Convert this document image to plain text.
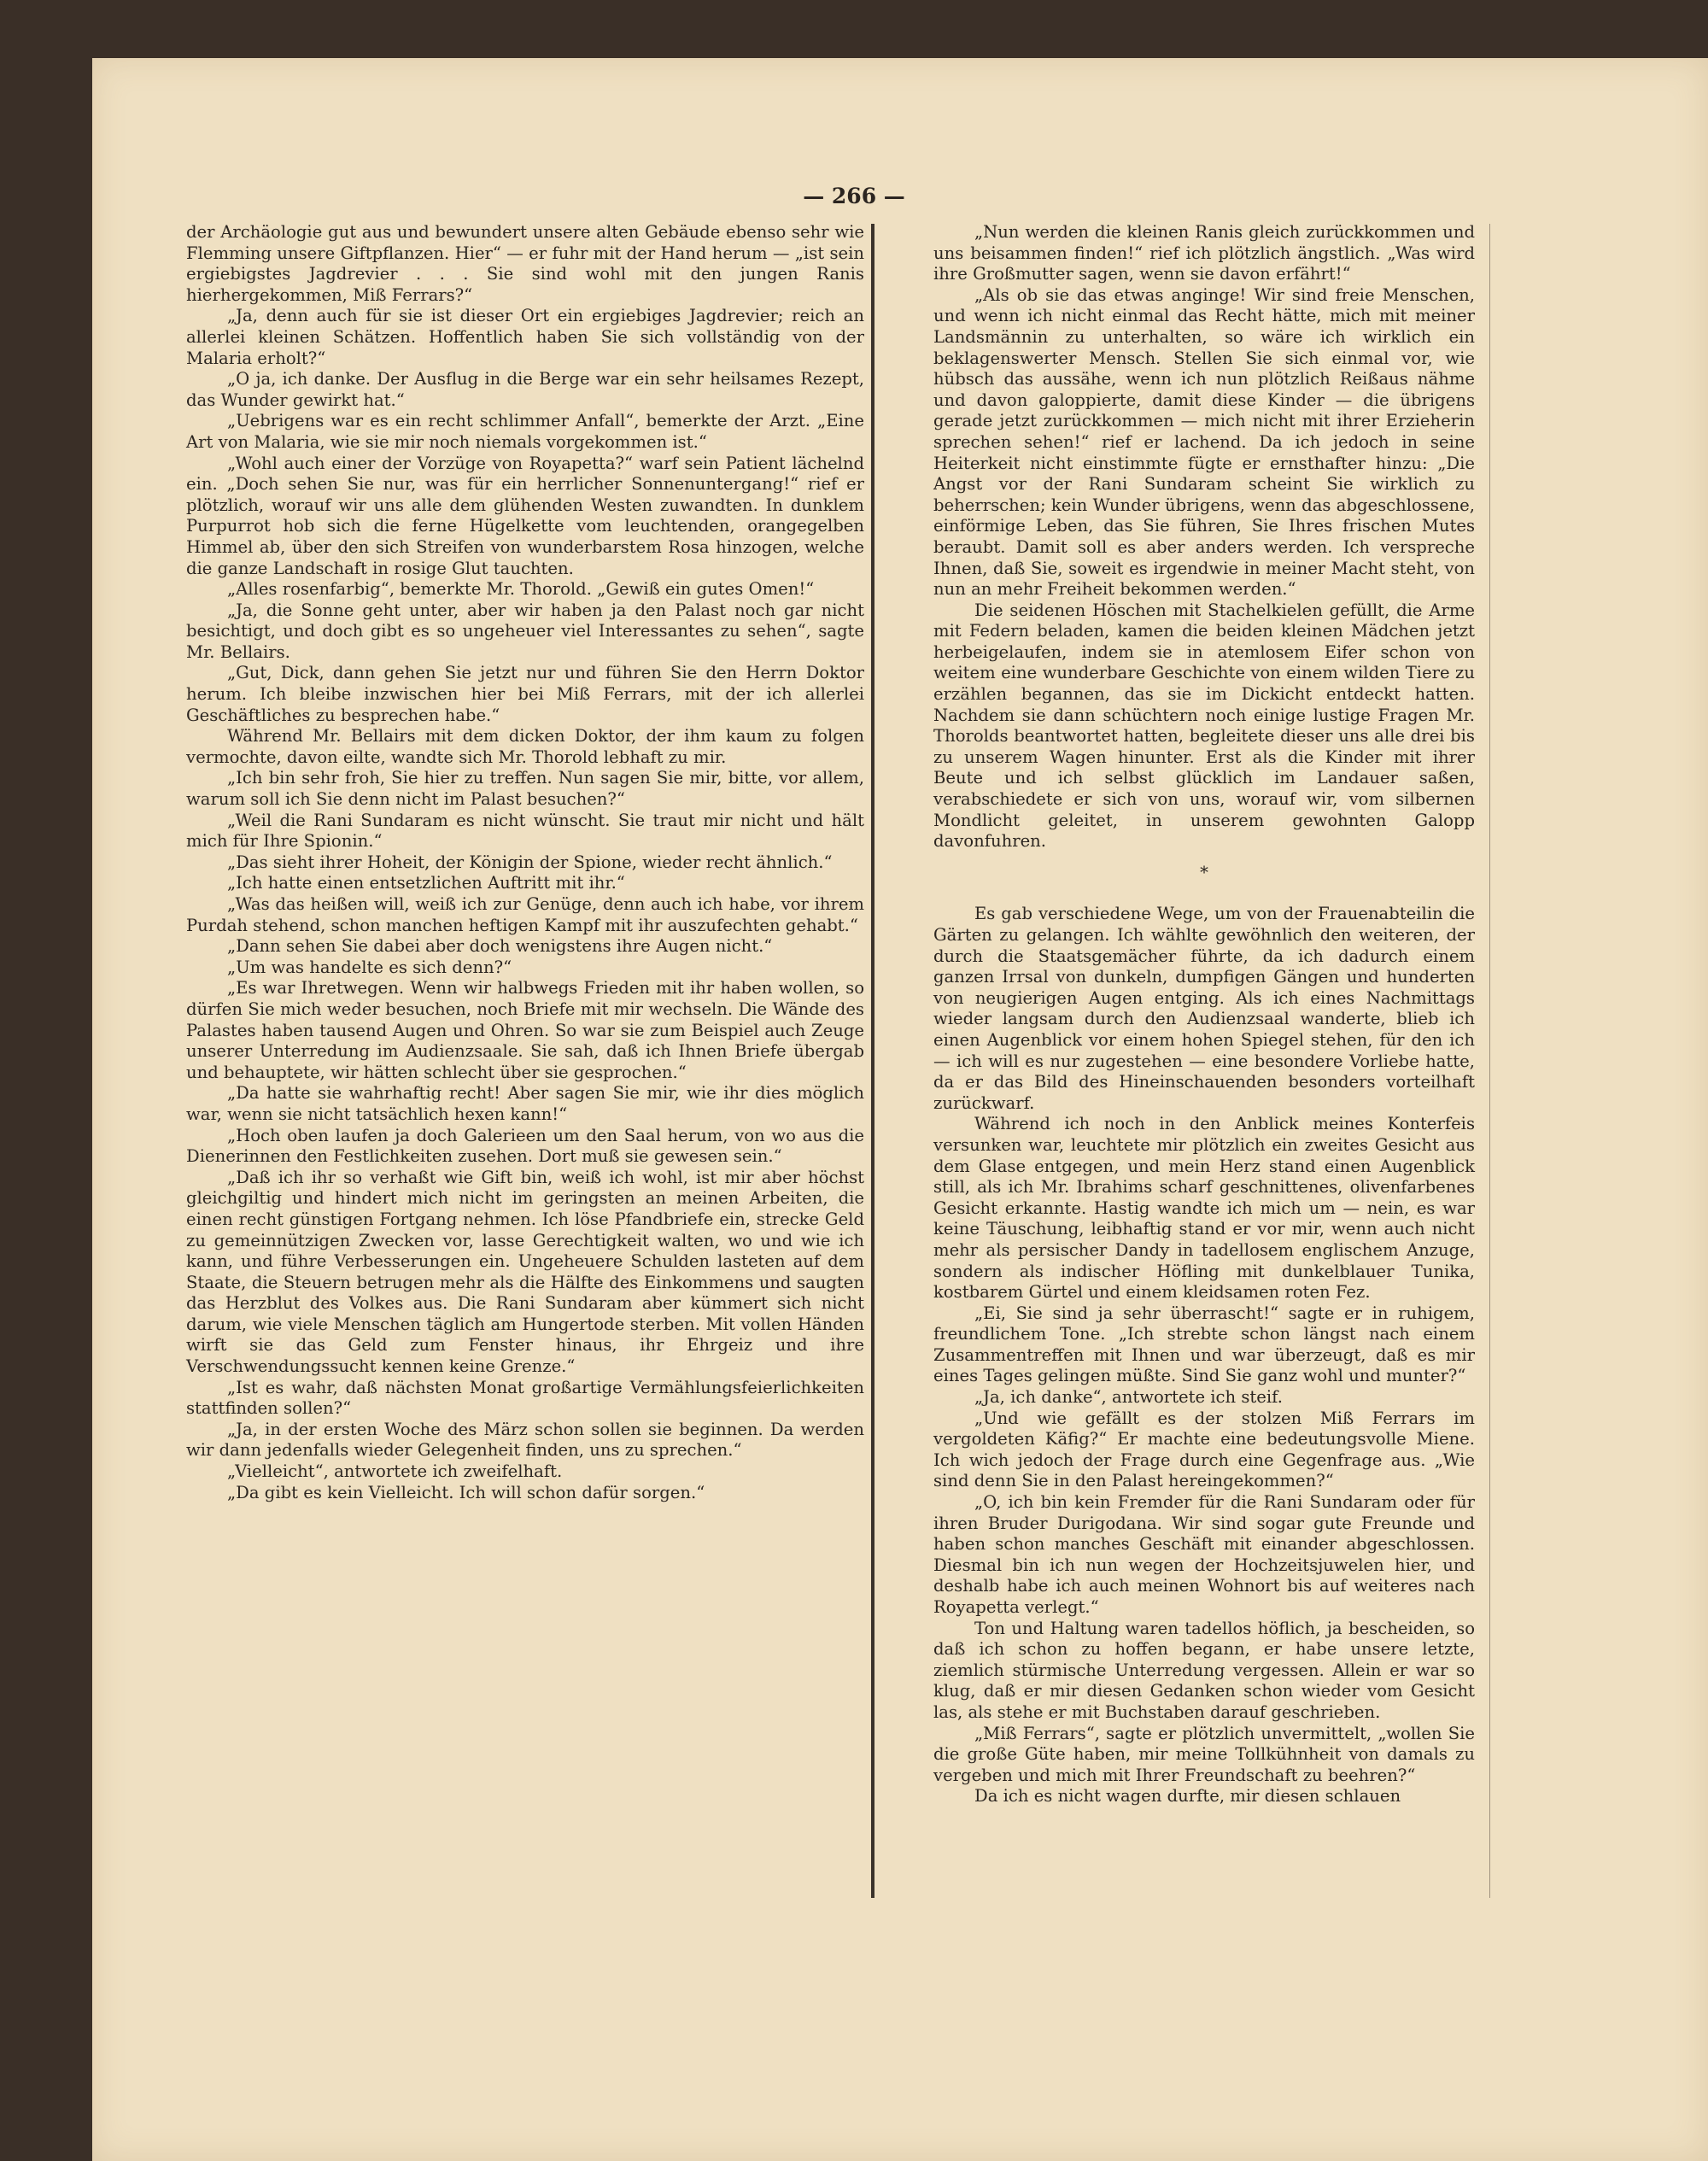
— 266 —

der Archäologie gut aus und bewundert unsere alten Gebäude ebenso sehr wie Flemming unsere Giftpflanzen. Hier“ — er fuhr mit der Hand herum — „ist sein ergiebigstes Jagdrevier . . . Sie sind wohl mit den jungen Ranis hierhergekommen, Miß Ferrars?“

„Ja, denn auch für sie ist dieser Ort ein ergiebiges Jagdrevier; reich an allerlei kleinen Schätzen. Hoffentlich haben Sie sich vollständig von der Malaria erholt?“

„O ja, ich danke. Der Ausflug in die Berge war ein sehr heilsames Rezept, das Wunder gewirkt hat.“

„Uebrigens war es ein recht schlimmer Anfall“, bemerkte der Arzt. „Eine Art von Malaria, wie sie mir noch niemals vorgekommen ist.“

„Wohl auch einer der Vorzüge von Royapetta?“ warf sein Patient lächelnd ein. „Doch sehen Sie nur, was für ein herrlicher Sonnenuntergang!“ rief er plötzlich, worauf wir uns alle dem glühenden Westen zuwandten. In dunklem Purpurrot hob sich die ferne Hügelkette vom leuchtenden, orangegelben Himmel ab, über den sich Streifen von wunderbarstem Rosa hinzogen, welche die ganze Landschaft in rosige Glut tauchten.

„Alles rosenfarbig“, bemerkte Mr. Thorold. „Gewiß ein gutes Omen!“

„Ja, die Sonne geht unter, aber wir haben ja den Palast noch gar nicht besichtigt, und doch gibt es so ungeheuer viel Interessantes zu sehen“, sagte Mr. Bellairs.

„Gut, Dick, dann gehen Sie jetzt nur und führen Sie den Herrn Doktor herum. Ich bleibe inzwischen hier bei Miß Ferrars, mit der ich allerlei Geschäftliches zu besprechen habe.“

Während Mr. Bellairs mit dem dicken Doktor, der ihm kaum zu folgen vermochte, davon eilte, wandte sich Mr. Thorold lebhaft zu mir.

„Ich bin sehr froh, Sie hier zu treffen. Nun sagen Sie mir, bitte, vor allem, warum soll ich Sie denn nicht im Palast besuchen?“

„Weil die Rani Sundaram es nicht wünscht. Sie traut mir nicht und hält mich für Ihre Spionin.“

„Das sieht ihrer Hoheit, der Königin der Spione, wieder recht ähnlich.“

„Ich hatte einen entsetzlichen Auftritt mit ihr.“

„Was das heißen will, weiß ich zur Genüge, denn auch ich habe, vor ihrem Purdah stehend, schon manchen heftigen Kampf mit ihr auszufechten gehabt.“

„Dann sehen Sie dabei aber doch wenigstens ihre Augen nicht.“

„Um was handelte es sich denn?“

„Es war Ihretwegen. Wenn wir halbwegs Frieden mit ihr haben wollen, so dürfen Sie mich weder besuchen, noch Briefe mit mir wechseln. Die Wände des Palastes haben tausend Augen und Ohren. So war sie zum Beispiel auch Zeuge unserer Unterredung im Audienzsaale. Sie sah, daß ich Ihnen Briefe übergab und behauptete, wir hätten schlecht über sie gesprochen.“

„Da hatte sie wahrhaftig recht! Aber sagen Sie mir, wie ihr dies möglich war, wenn sie nicht tatsächlich hexen kann!“

„Hoch oben laufen ja doch Galerieen um den Saal herum, von wo aus die Dienerinnen den Festlichkeiten zusehen. Dort muß sie gewesen sein.“

„Daß ich ihr so verhaßt wie Gift bin, weiß ich wohl, ist mir aber höchst gleichgiltig und hindert mich nicht im geringsten an meinen Arbeiten, die einen recht günstigen Fortgang nehmen. Ich löse Pfandbriefe ein, strecke Geld zu gemeinnützigen Zwecken vor, lasse Gerechtigkeit walten, wo und wie ich kann, und führe Verbesserungen ein. Ungeheuere Schulden lasteten auf dem Staate, die Steuern betrugen mehr als die Hälfte des Einkommens und saugten das Herzblut des Volkes aus. Die Rani Sundaram aber kümmert sich nicht darum, wie viele Menschen täglich am Hungertode sterben. Mit vollen Händen wirft sie das Geld zum Fenster hinaus, ihr Ehrgeiz und ihre Verschwendungssucht kennen keine Grenze.“

„Ist es wahr, daß nächsten Monat großartige Vermählungsfeierlichkeiten stattfinden sollen?“

„Ja, in der ersten Woche des März schon sollen sie beginnen. Da werden wir dann jedenfalls wieder Gelegenheit finden, uns zu sprechen.“

„Vielleicht“, antwortete ich zweifelhaft.

„Da gibt es kein Vielleicht. Ich will schon dafür sorgen.“

„Nun werden die kleinen Ranis gleich zurückkommen und uns beisammen finden!“ rief ich plötzlich ängstlich. „Was wird ihre Großmutter sagen, wenn sie davon erfährt!“

„Als ob sie das etwas anginge! Wir sind freie Menschen, und wenn ich nicht einmal das Recht hätte, mich mit meiner Landsmännin zu unterhalten, so wäre ich wirklich ein beklagenswerter Mensch. Stellen Sie sich einmal vor, wie hübsch das aussähe, wenn ich nun plötzlich Reißaus nähme und davon galoppierte, damit diese Kinder — die übrigens gerade jetzt zurückkommen — mich nicht mit ihrer Erzieherin sprechen sehen!“ rief er lachend. Da ich jedoch in seine Heiterkeit nicht einstimmte fügte er ernsthafter hinzu: „Die Angst vor der Rani Sundaram scheint Sie wirklich zu beherrschen; kein Wunder übrigens, wenn das abgeschlossene, einförmige Leben, das Sie führen, Sie Ihres frischen Mutes beraubt. Damit soll es aber anders werden. Ich verspreche Ihnen, daß Sie, soweit es irgendwie in meiner Macht steht, von nun an mehr Freiheit bekommen werden.“

Die seidenen Höschen mit Stachelkielen gefüllt, die Arme mit Federn beladen, kamen die beiden kleinen Mädchen jetzt herbeigelaufen, indem sie in atemlosem Eifer schon von weitem eine wunderbare Geschichte von einem wilden Tiere zu erzählen begannen, das sie im Dickicht entdeckt hatten. Nachdem sie dann schüchtern noch einige lustige Fragen Mr. Thorolds beantwortet hatten, begleitete dieser uns alle drei bis zu unserem Wagen hinunter. Erst als die Kinder mit ihrer Beute und ich selbst glücklich im Landauer saßen, verabschiedete er sich von uns, worauf wir, vom silbernen Mondlicht geleitet, in unserem gewohnten Galopp davonfuhren.

*

Es gab verschiedene Wege, um von der Frauenabteilin die Gärten zu gelangen. Ich wählte gewöhnlich den weiteren, der durch die Staatsgemächer führte, da ich dadurch einem ganzen Irrsal von dunkeln, dumpfigen Gängen und hunderten von neugierigen Augen entging. Als ich eines Nachmittags wieder langsam durch den Audienzsaal wanderte, blieb ich einen Augenblick vor einem hohen Spiegel stehen, für den ich — ich will es nur zugestehen — eine besondere Vorliebe hatte, da er das Bild des Hineinschauenden besonders vorteilhaft zurückwarf.

Während ich noch in den Anblick meines Konterfeis versunken war, leuchtete mir plötzlich ein zweites Gesicht aus dem Glase entgegen, und mein Herz stand einen Augenblick still, als ich Mr. Ibrahims scharf geschnittenes, olivenfarbenes Gesicht erkannte. Hastig wandte ich mich um — nein, es war keine Täuschung, leibhaftig stand er vor mir, wenn auch nicht mehr als persischer Dandy in tadellosem englischem Anzuge, sondern als indischer Höfling mit dunkelblauer Tunika, kostbarem Gürtel und einem kleidsamen roten Fez.

„Ei, Sie sind ja sehr überrascht!“ sagte er in ruhigem, freundlichem Tone. „Ich strebte schon längst nach einem Zusammentreffen mit Ihnen und war überzeugt, daß es mir eines Tages gelingen müßte. Sind Sie ganz wohl und munter?“

„Ja, ich danke“, antwortete ich steif.

„Und wie gefällt es der stolzen Miß Ferrars im vergoldeten Käfig?“ Er machte eine bedeutungsvolle Miene. Ich wich jedoch der Frage durch eine Gegenfrage aus. „Wie sind denn Sie in den Palast hereingekommen?“

„O, ich bin kein Fremder für die Rani Sundaram oder für ihren Bruder Durigodana. Wir sind sogar gute Freunde und haben schon manches Geschäft mit einander abgeschlossen. Diesmal bin ich nun wegen der Hochzeitsjuwelen hier, und deshalb habe ich auch meinen Wohnort bis auf weiteres nach Royapetta verlegt.“

Ton und Haltung waren tadellos höflich, ja bescheiden, so daß ich schon zu hoffen begann, er habe unsere letzte, ziemlich stürmische Unterredung vergessen. Allein er war so klug, daß er mir diesen Gedanken schon wieder vom Gesicht las, als stehe er mit Buchstaben darauf geschrieben.

„Miß Ferrars“, sagte er plötzlich unvermittelt, „wollen Sie die große Güte haben, mir meine Tollkühnheit von damals zu vergeben und mich mit Ihrer Freundschaft zu beehren?“

Da ich es nicht wagen durfte, mir diesen schlauen
